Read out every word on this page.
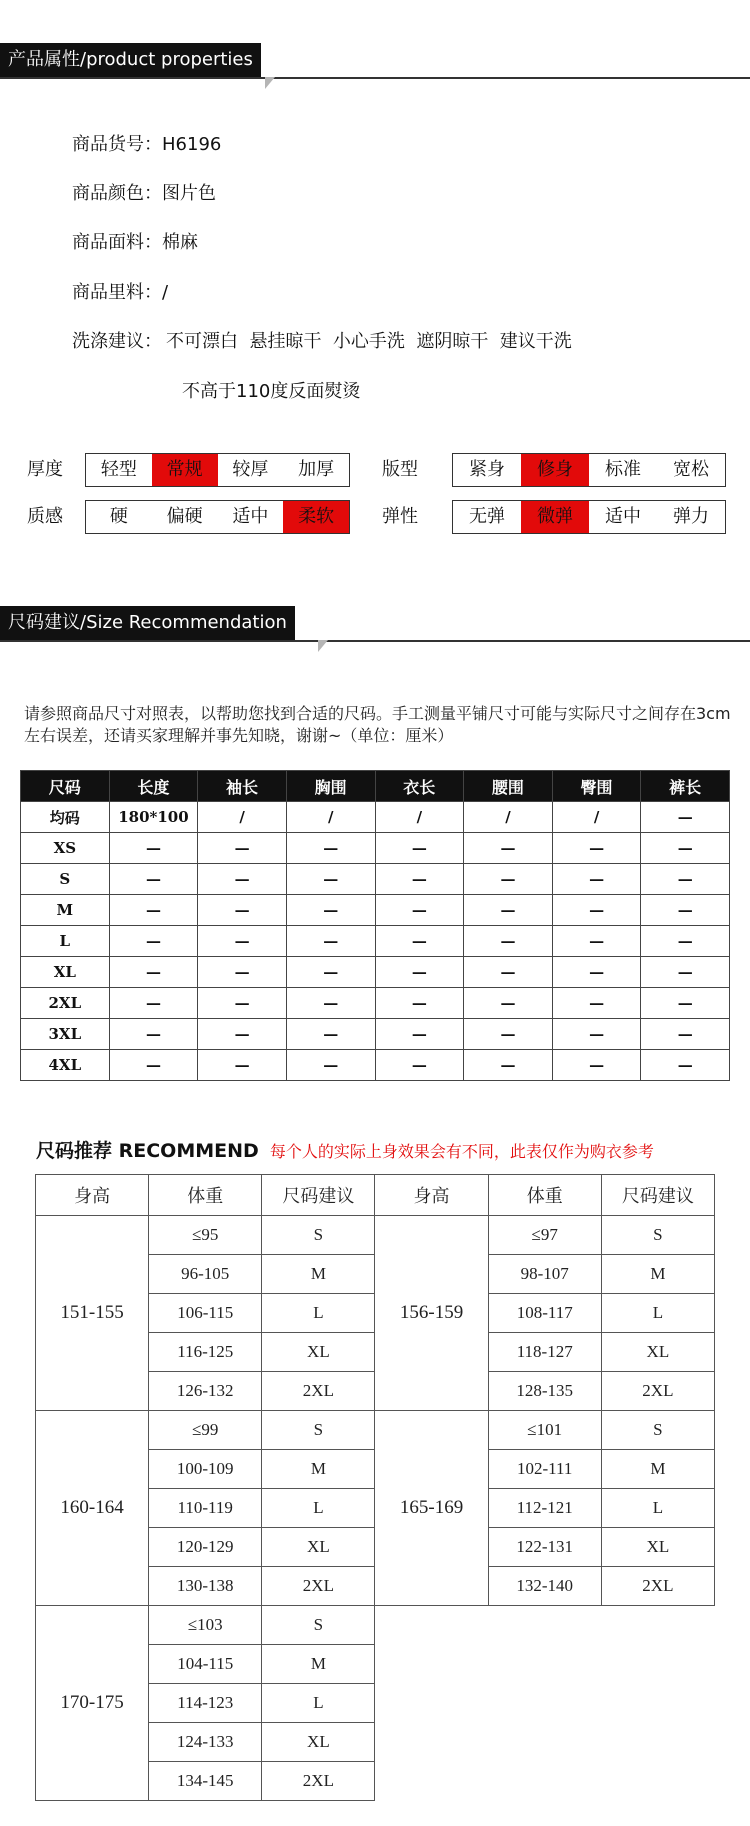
产品属性/product properties
商品货号：H6196
商品颜色：图片色
商品面料：棉麻
商品里料：/
洗涤建议： 不可漂白  悬挂晾干  小心手洗  遮阴晾干  建议干洗
不高于110度反面熨烫
厚度	轻型	常规	较厚	加厚	版型	紧身	修身	标准	宽松
质感	硬	偏硬	适中	柔软	弹性	无弹	微弹	适中	弹力
尺码建议/Size Recommendation
请参照商品尺寸对照表，以帮助您找到合适的尺码。手工测量平铺尺寸可能与实际尺寸之间存在3cm左右误差，还请买家理解并事先知晓，谢谢~（单位：厘米）
尺码	长度	袖长	胸围	衣长	腰围	臀围	裤长
均码	180*100	/	/	/	/	/	—
XS	—	—	—	—	—	—	—
S	—	—	—	—	—	—	—
M	—	—	—	—	—	—	—
L	—	—	—	—	—	—	—
XL	—	—	—	—	—	—	—
2XL	—	—	—	—	—	—	—
3XL	—	—	—	—	—	—	—
4XL	—	—	—	—	—	—	—
尺码推荐 RECOMMEND 每个人的实际上身效果会有不同，此表仅作为购衣参考
身高	体重	尺码建议	身高	体重	尺码建议
151-155	≤95	S	156-159	≤97	S
	96-105	M		98-107	M
	106-115	L		108-117	L
	116-125	XL		118-127	XL
	126-132	2XL		128-135	2XL
160-164	≤99	S	165-169	≤101	S
	100-109	M		102-111	M
	110-119	L		112-121	L
	120-129	XL		122-131	XL
	130-138	2XL		132-140	2XL
170-175	≤103	S			
	104-115	M			
	114-123	L			
	124-133	XL			
	134-145	2XL			
